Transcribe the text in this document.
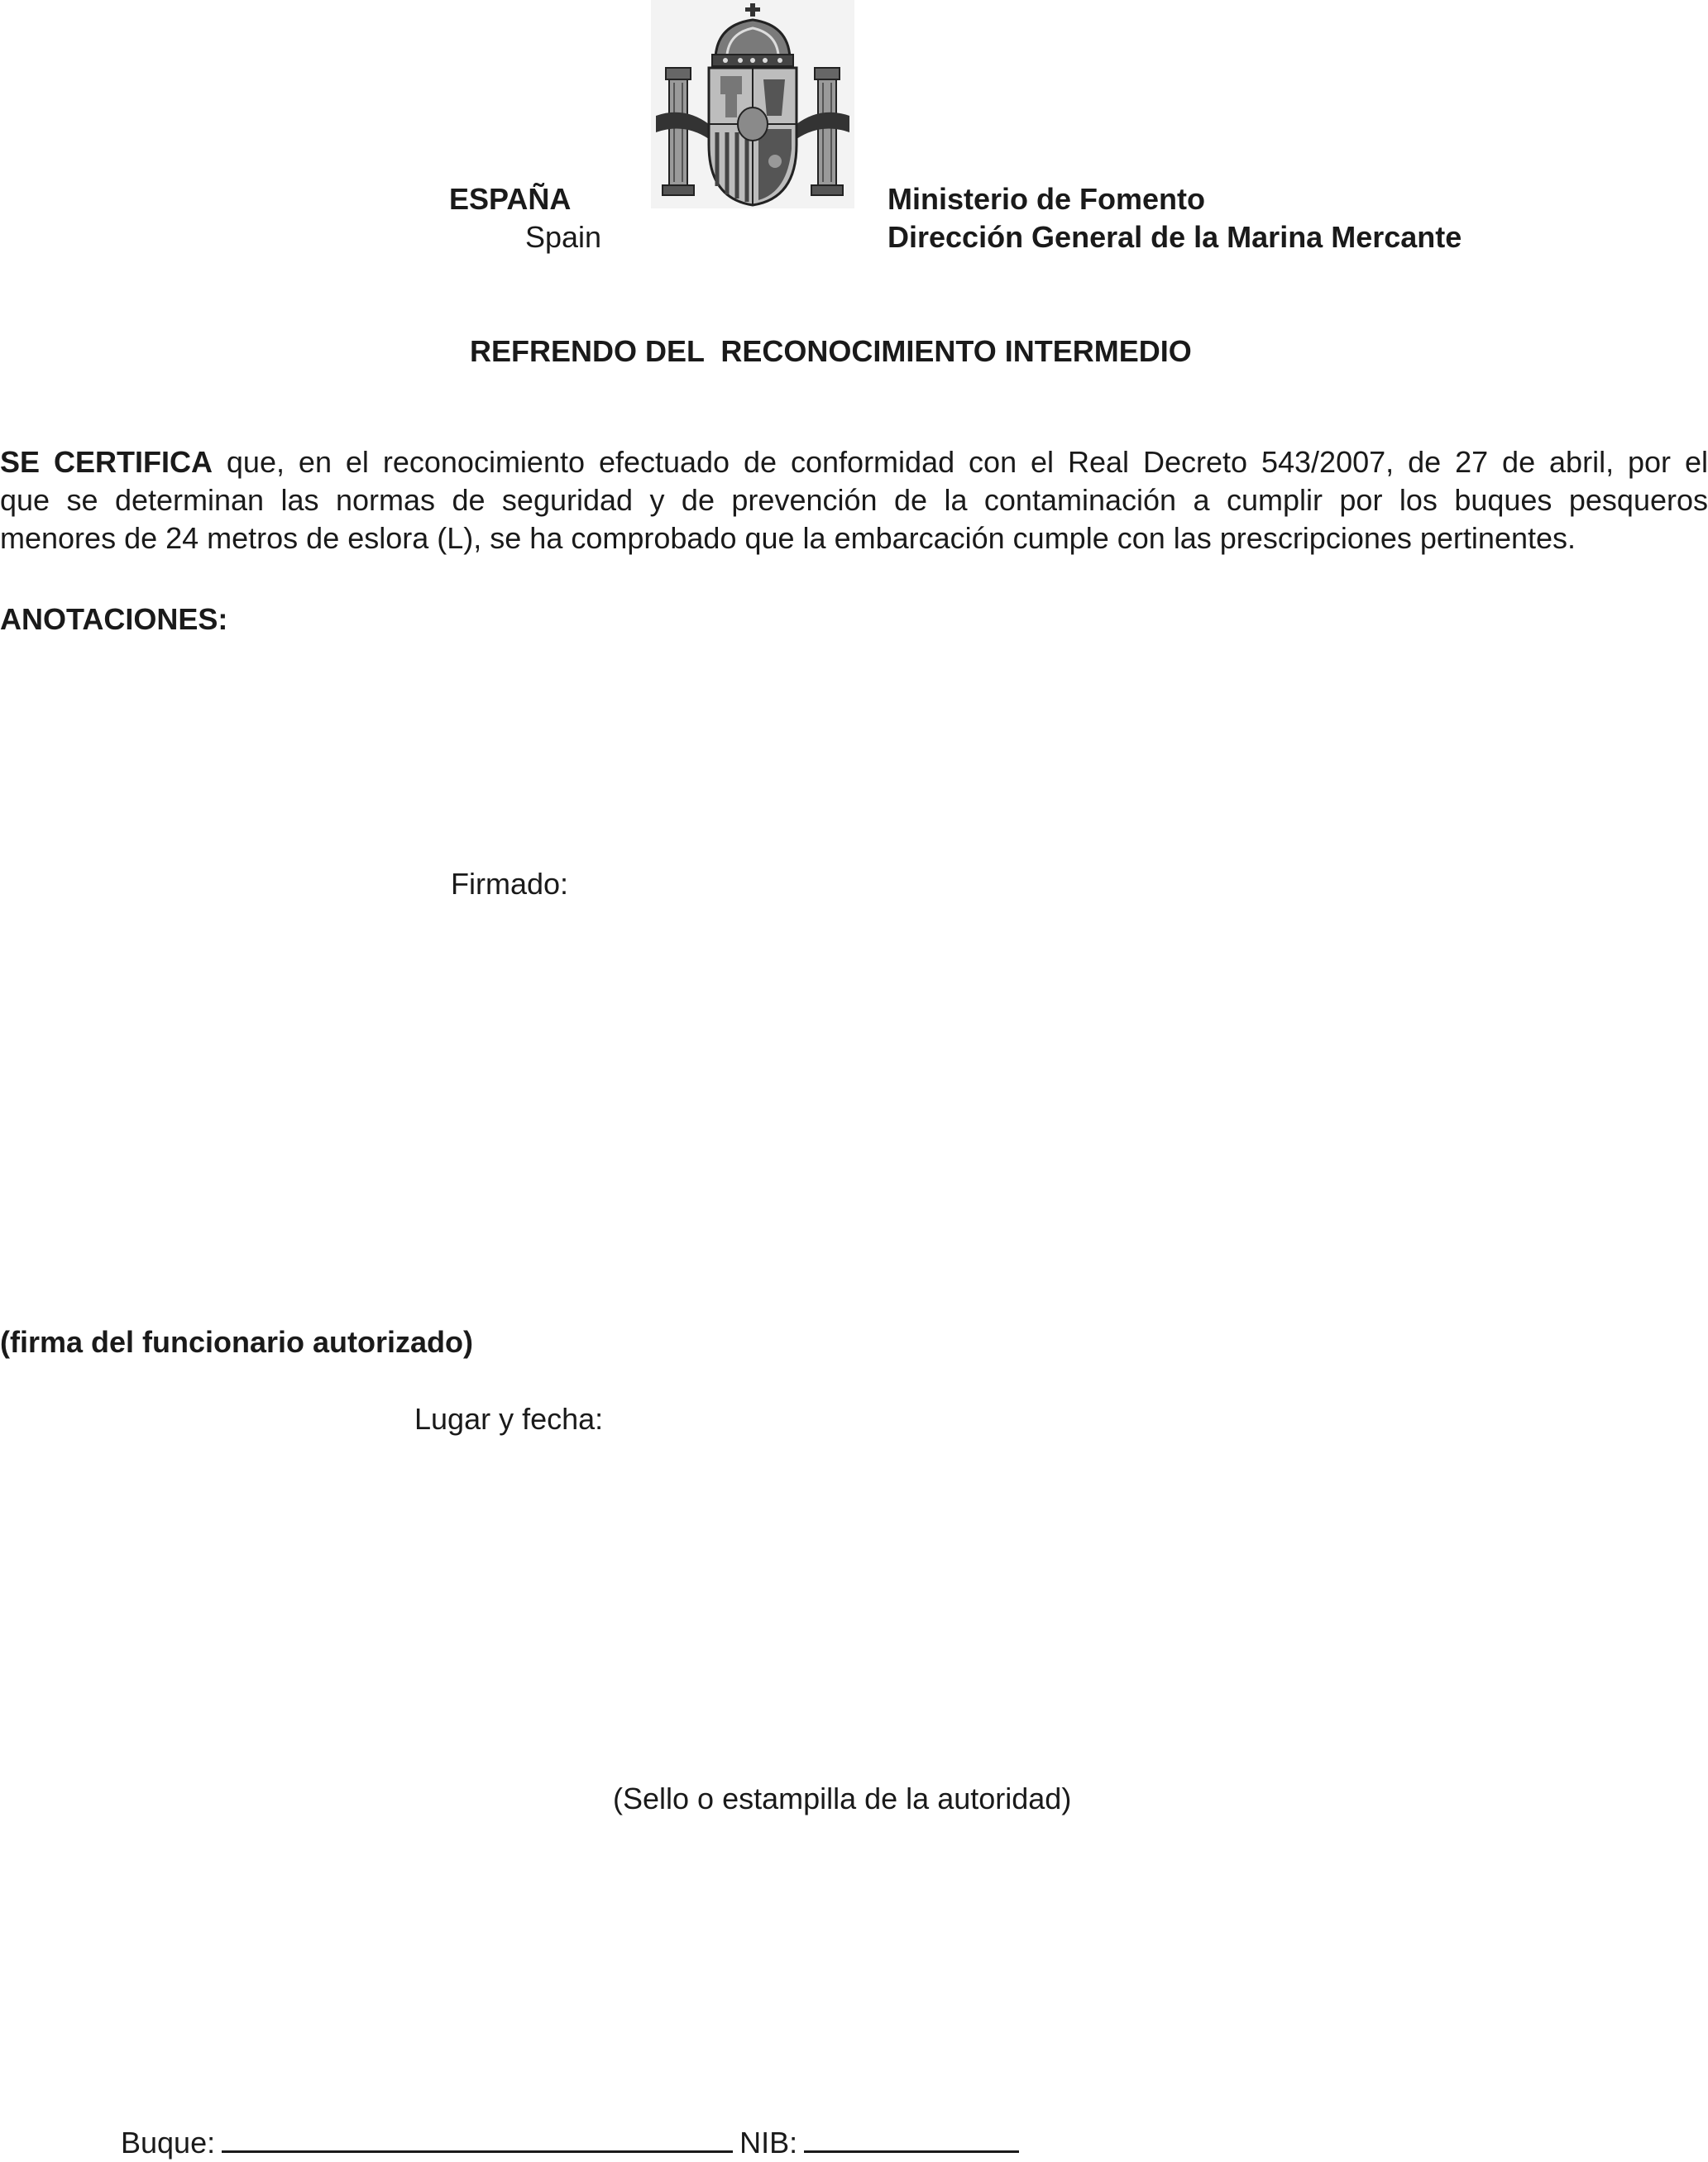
ESPAÑA
Spain
Ministerio de Fomento
Dirección General de la Marina Mercante
REFRENDO DEL  RECONOCIMIENTO INTERMEDIO
SE CERTIFICA que, en el reconocimiento efectuado de conformidad con el Real Decreto 543/2007, de 27 de abril, por el
que se determinan las normas de seguridad y de prevención de la contaminación a cumplir por los buques pesqueros
menores de 24 metros de eslora (L), se ha comprobado que la embarcación cumple con las prescripciones pertinentes.
ANOTACIONES:
Firmado:
(firma del funcionario autorizado)
Lugar y fecha:
(Sello o estampilla de la autoridad)
Buque:	NIB:
